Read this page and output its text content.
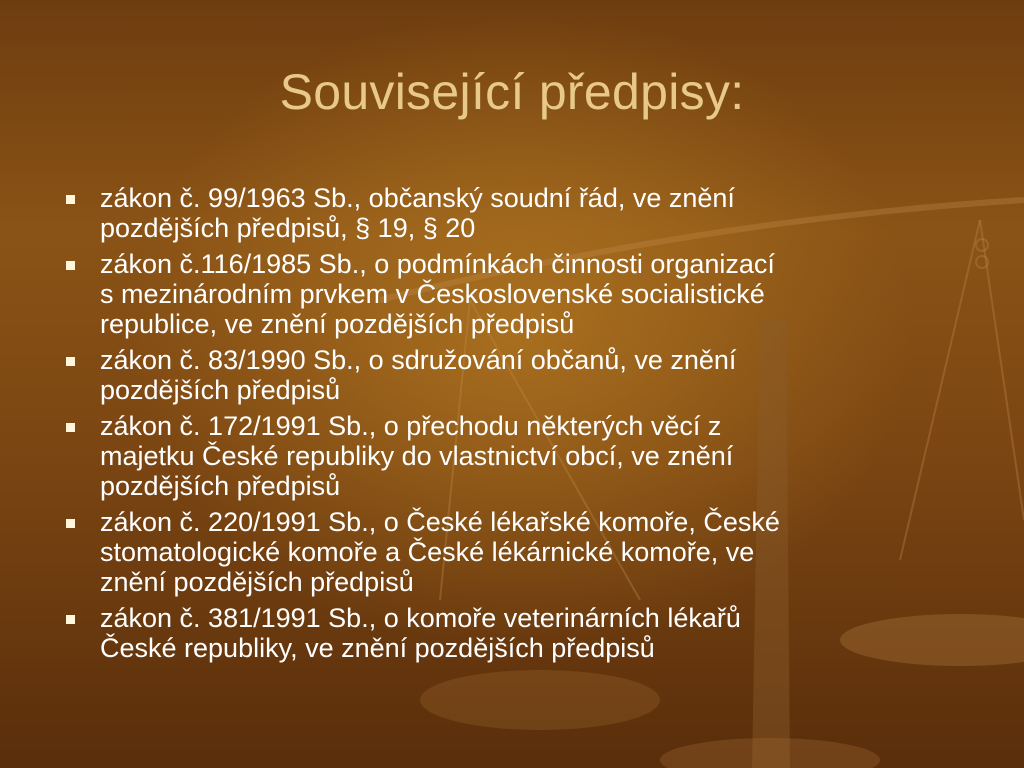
Související předpisy:
zákon č. 99/1963 Sb., občanský soudní řád, ve znění
pozdějších předpisů, § 19, § 20
zákon č.116/1985 Sb., o podmínkách činnosti organizací
s mezinárodním prvkem v Československé socialistické
republice, ve znění pozdějších předpisů
zákon č. 83/1990 Sb., o sdružování občanů, ve znění
pozdějších předpisů
zákon č. 172/1991 Sb., o přechodu některých věcí z
majetku České republiky do vlastnictví obcí, ve znění
pozdějších předpisů
zákon č. 220/1991 Sb., o České lékařské komoře, České
stomatologické komoře a České lékárnické komoře, ve
znění pozdějších předpisů
zákon č. 381/1991 Sb., o komoře veterinárních lékařů
České republiky, ve znění pozdějších předpisů
